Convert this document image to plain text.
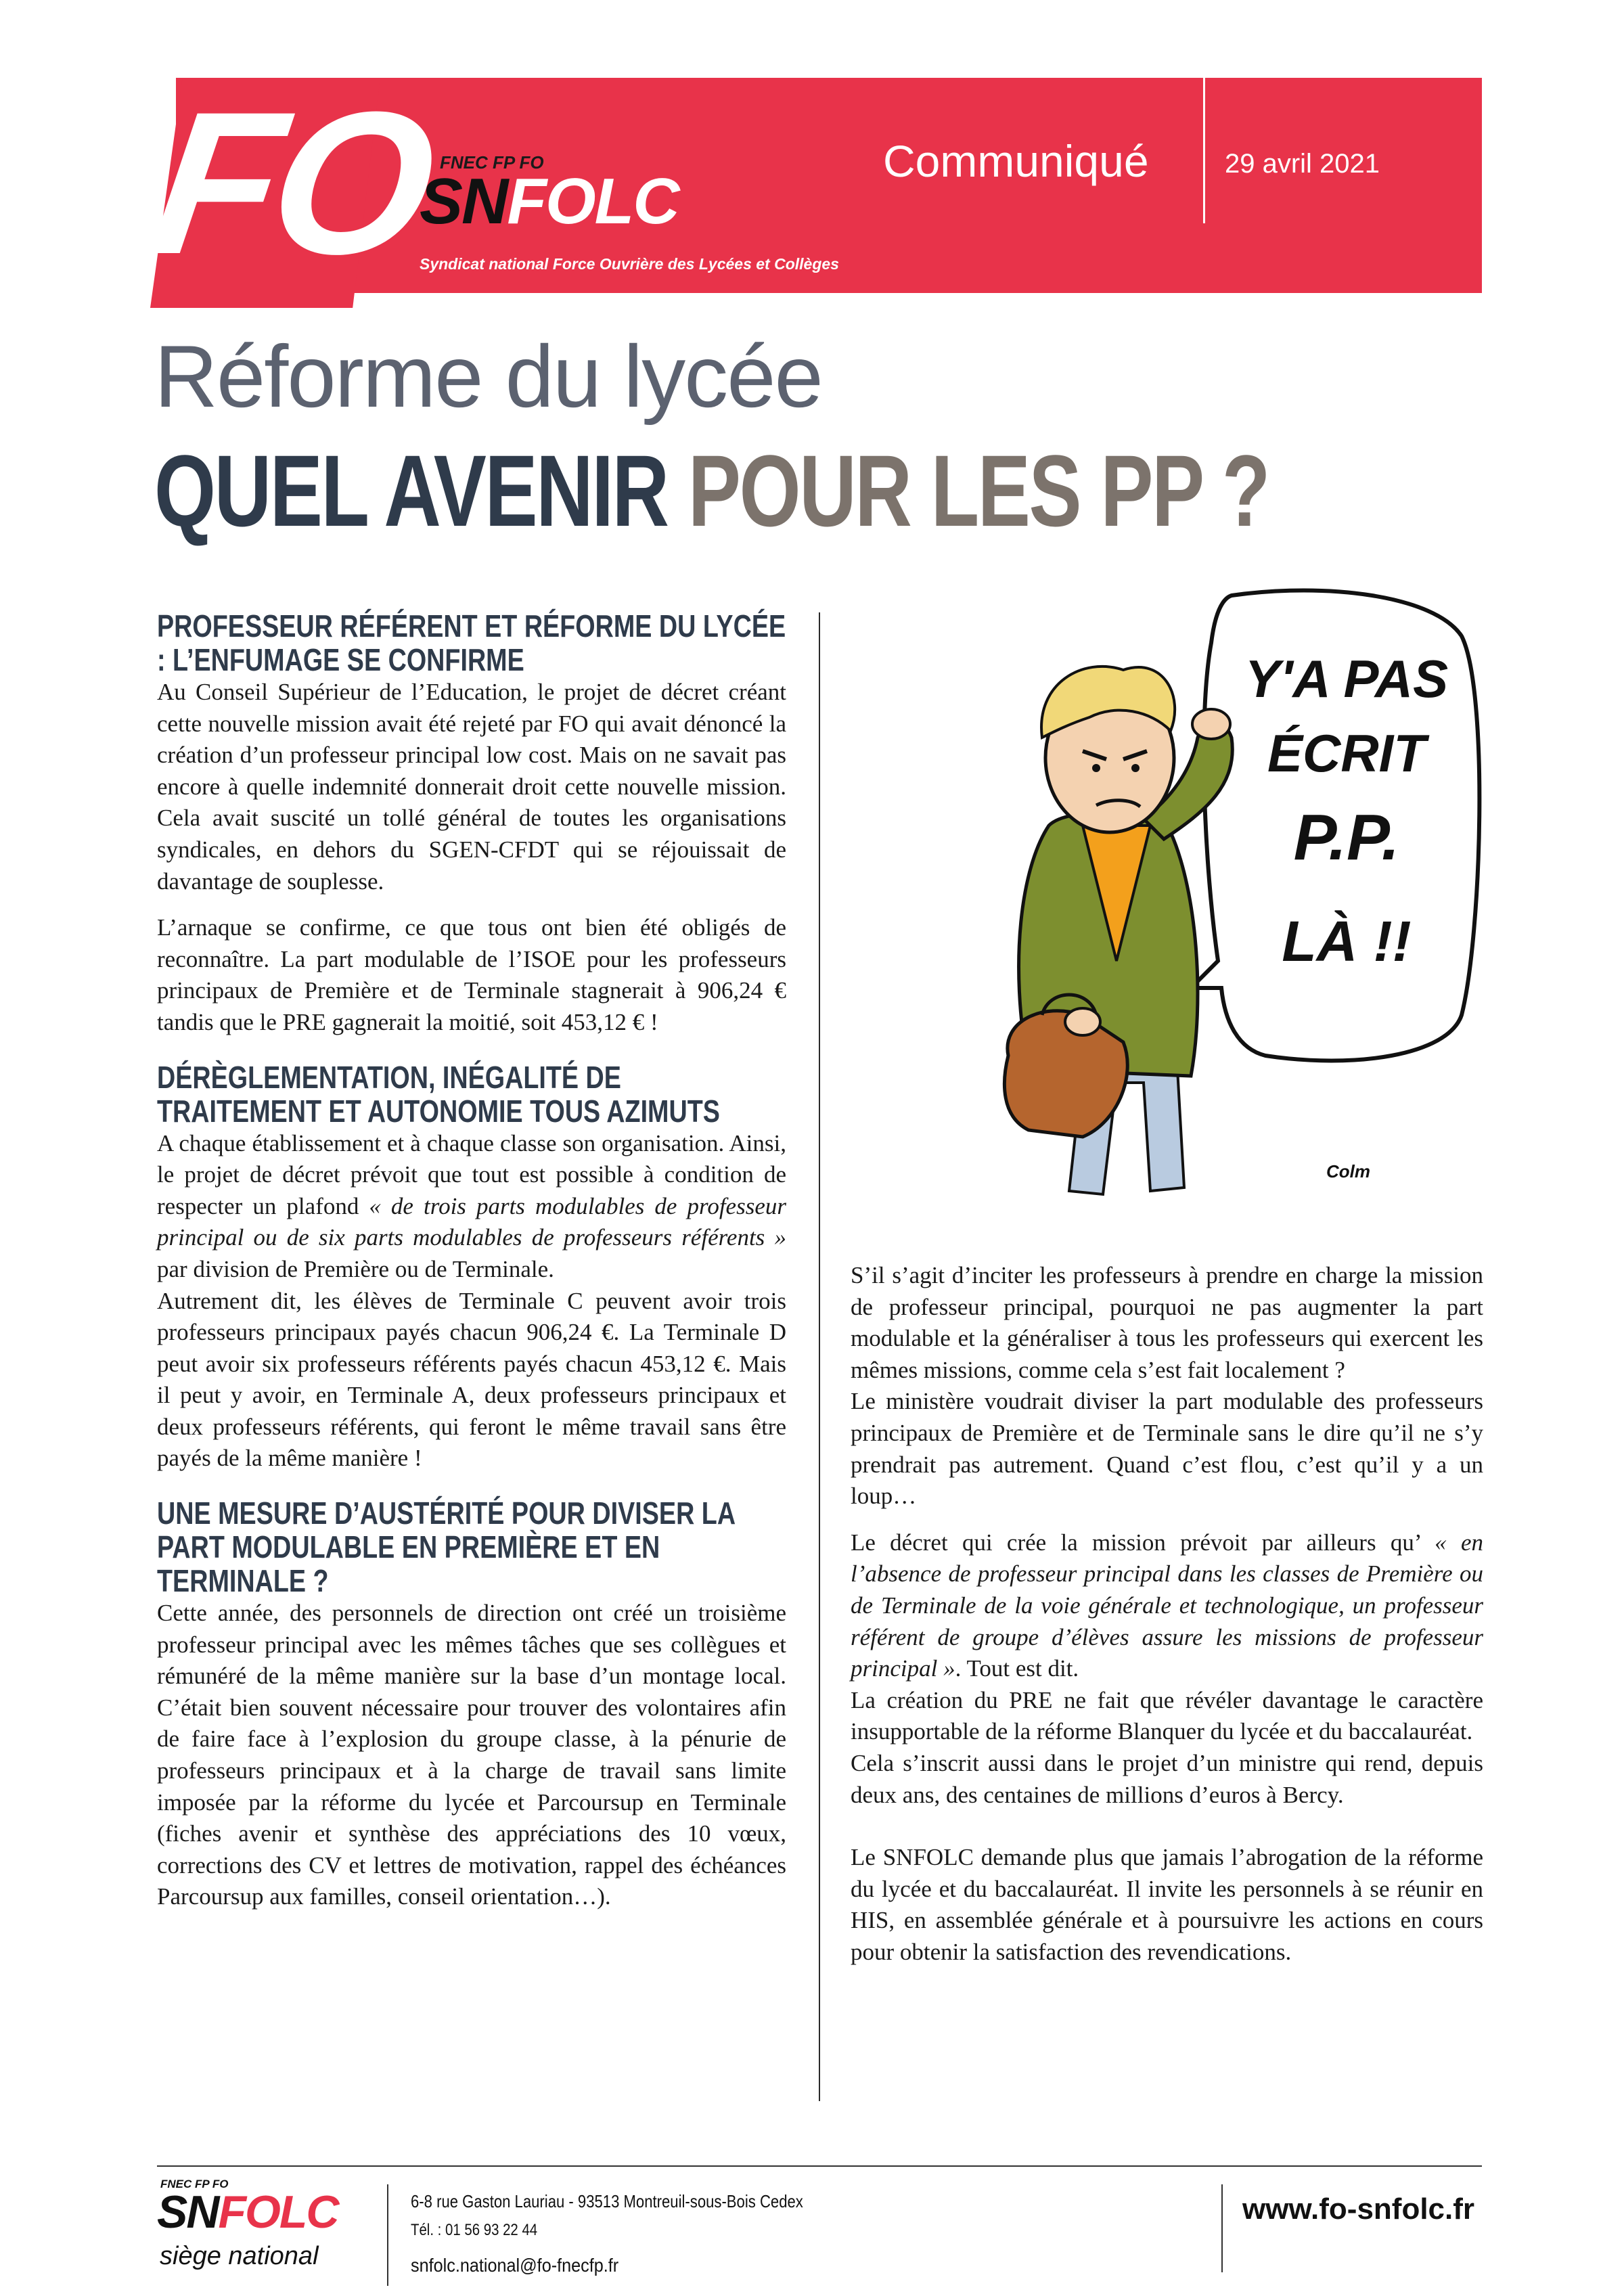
FO
FNEC FP FO
SNFOLC
Syndicat national Force Ouvrière des Lycées et Collèges
Communiqué	29 avril 2021
Réforme du lycée
QUEL AVENIR POUR LES PP ?
PROFESSEUR RÉFÉRENT ET RÉFORME DU LYCÉE : L’ENFUMAGE SE CONFIRME

Au Conseil Supérieur de l’Education, le projet de décret créant cette nouvelle mission avait été rejeté par FO qui avait dénoncé la création d’un professeur principal low cost. Mais on ne savait pas encore à quelle indemnité donnerait droit cette nouvelle mission. Cela avait suscité un tollé général de toutes les organisations syndicales, en dehors du SGEN-CFDT qui se réjouissait de davantage de souplesse.

L’arnaque se confirme, ce que tous ont bien été obligés de reconnaître. La part modulable de l’ISOE pour les professeurs principaux de Première et de Terminale stagnerait à 906,24 € tandis que le PRE gagnerait la moitié, soit 453,12 € !

DÉRÈGLEMENTATION, INÉGALITÉ DE TRAITEMENT ET AUTONOMIE TOUS AZIMUTS

A chaque établissement et à chaque classe son organisation. Ainsi, le projet de décret prévoit que tout est possible à condition de respecter un plafond « de trois parts modulables de professeur principal ou de six parts modulables de professeurs référents » par division de Première ou de Terminale.

Autrement dit, les élèves de Terminale C peuvent avoir trois professeurs principaux payés chacun 906,24 €. La Terminale D peut avoir six professeurs référents payés chacun 453,12 €. Mais il peut y avoir, en Terminale A, deux professeurs principaux et deux professeurs référents, qui feront le même travail sans être payés de la même manière !

UNE MESURE D’AUSTÉRITÉ POUR DIVISER LA PART MODULABLE EN PREMIÈRE ET EN TERMINALE ?

Cette année, des personnels de direction ont créé un troisième professeur principal avec les mêmes tâches que ses collègues et rémunéré de la même manière sur la base d’un montage local. C’était bien souvent nécessaire pour trouver des volontaires afin de faire face à l’explosion du groupe classe, à la pénurie de professeurs principaux et à la charge de travail sans limite imposée par la réforme du lycée et Parcoursup en Terminale (fiches avenir et synthèse des appréciations des 10 vœux, corrections des CV et lettres de motivation, rappel des échéances Parcoursup aux familles, conseil orientation…).

Y'A PAS
ÉCRIT
P.P.
LÀ !!
Colm

S’il s’agit d’inciter les professeurs à prendre en charge la mission de professeur principal, pourquoi ne pas augmenter la part modulable et la généraliser à tous les professeurs qui exercent les mêmes missions, comme cela s’est fait localement ?

Le ministère voudrait diviser la part modulable des professeurs principaux de Première et de Terminale sans le dire qu’il ne s’y prendrait pas autrement. Quand c’est flou, c’est qu’il y a un loup…

Le décret qui crée la mission prévoit par ailleurs qu’ « en l’absence de professeur principal dans les classes de Première ou de Terminale de la voie générale et technologique, un professeur référent de groupe d’élèves assure les missions de professeur principal ». Tout est dit.

La création du PRE ne fait que révéler davantage le caractère insupportable de la réforme Blanquer du lycée et du baccalauréat.

Cela s’inscrit aussi dans le projet d’un ministre qui rend, depuis deux ans, des centaines de millions d’euros à Bercy.

Le SNFOLC demande plus que jamais l’abrogation de la réforme du lycée et du baccalauréat. Il invite les personnels à se réunir en HIS, en assemblée générale et à poursuivre les actions en cours pour obtenir la satisfaction des revendications.

FNEC FP FO
SNFOLC
siège national
6-8 rue Gaston Lauriau - 93513 Montreuil-sous-Bois Cedex
Tél. : 01 56 93 22 44
snfolc.national@fo-fnecfp.fr
www.fo-snfolc.fr
